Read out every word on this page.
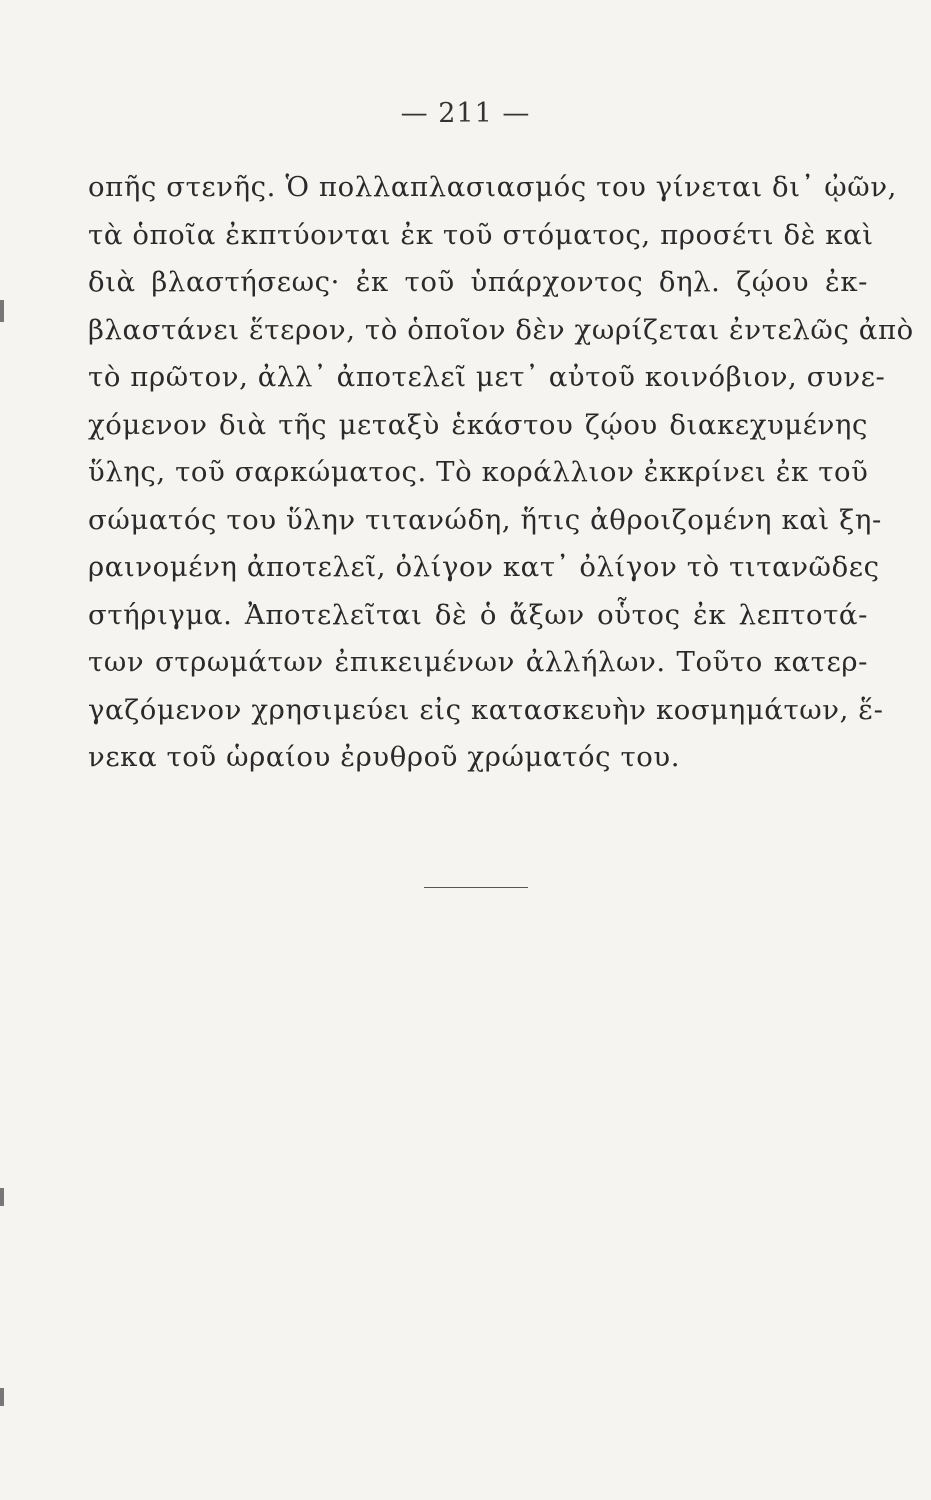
— 211 —
οπῆς στενῆς. Ὁ πολλαπλασιασμός του γίνεται δι᾽ ᾠῶν,
τὰ ὁποῖα ἐκπτύονται ἐκ τοῦ στόματος, προσέτι δὲ καὶ
διὰ βλαστήσεως· ἐκ τοῦ ὑπάρχοντος δηλ. ζῴου ἐκ-
βλαστάνει ἕτερον, τὸ ὁποῖον δὲν χωρίζεται ἐντελῶς ἀπὸ
τὸ πρῶτον, ἀλλ᾽ ἀποτελεῖ μετ᾽ αὐτοῦ κοινόβιον, συνε-
χόμενον διὰ τῆς μεταξὺ ἑκάστου ζῴου διακεχυμένης
ὕλης, τοῦ σαρκώματος. Τὸ κοράλλιον ἐκκρίνει ἐκ τοῦ
σώματός του ὕλην τιτανώδη, ἥτις ἀθροιζομένη καὶ ξη-
ραινομένη ἀποτελεῖ, ὀλίγον κατ᾽ ὀλίγον τὸ τιτανῶδες
στήριγμα. Ἀποτελεῖται δὲ ὁ ἄξων οὗτος ἐκ λεπτοτά-
των στρωμάτων ἐπικειμένων ἀλλήλων. Τοῦτο κατερ-
γαζόμενον χρησιμεύει εἰς κατασκευὴν κοσμημάτων, ἕ-
νεκα τοῦ ὡραίου ἐρυθροῦ χρώματός του.
